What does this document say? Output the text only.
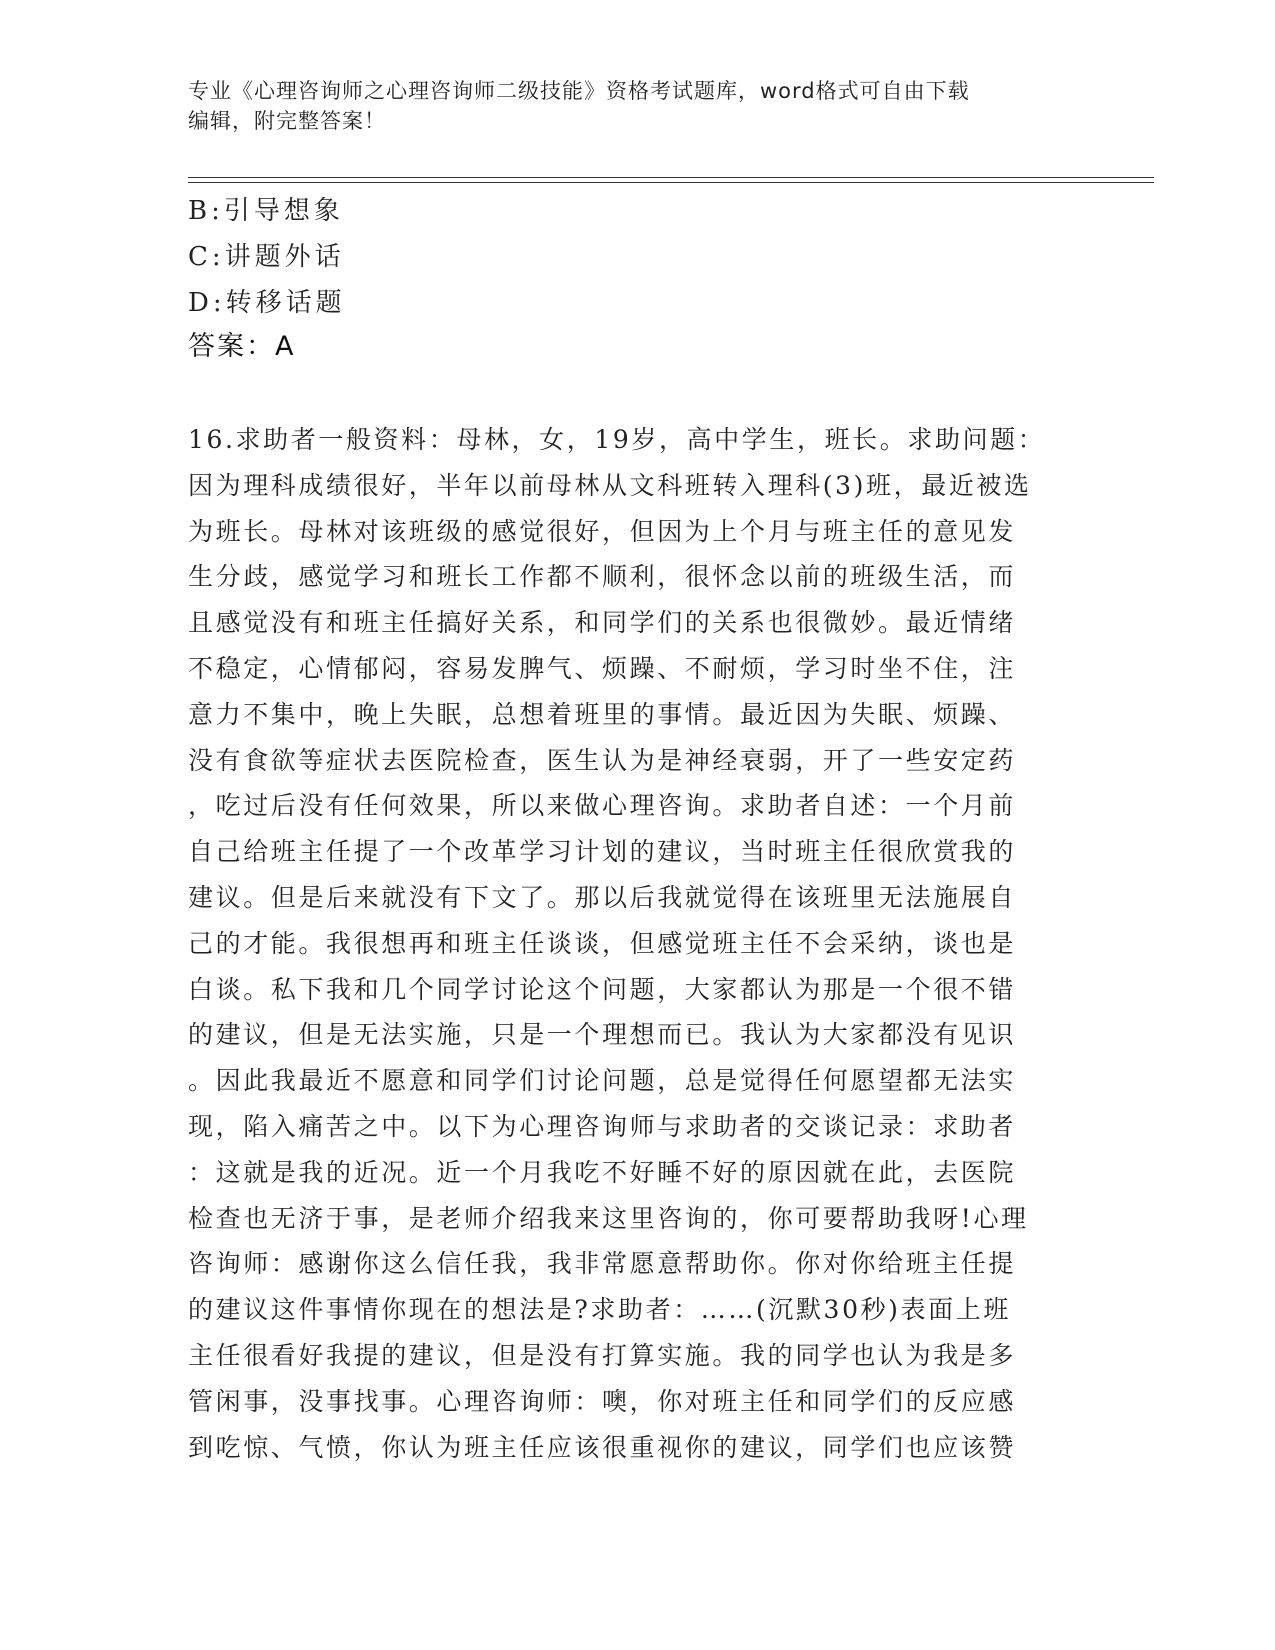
专业《心理咨询师之心理咨询师二级技能》资格考试题库，word格式可自由下载
编辑，附完整答案！
B:引导想象
C:讲题外话
D:转移话题
答案：A
16.求助者一般资料：母林，女，19岁，高中学生，班长。求助问题：
因为理科成绩很好，半年以前母林从文科班转入理科(3)班，最近被选
为班长。母林对该班级的感觉很好，但因为上个月与班主任的意见发
生分歧，感觉学习和班长工作都不顺利，很怀念以前的班级生活，而
且感觉没有和班主任搞好关系，和同学们的关系也很微妙。最近情绪
不稳定，心情郁闷，容易发脾气、烦躁、不耐烦，学习时坐不住，注
意力不集中，晚上失眠，总想着班里的事情。最近因为失眠、烦躁、
没有食欲等症状去医院检查，医生认为是神经衰弱，开了一些安定药
，吃过后没有任何效果，所以来做心理咨询。求助者自述：一个月前
自己给班主任提了一个改革学习计划的建议，当时班主任很欣赏我的
建议。但是后来就没有下文了。那以后我就觉得在该班里无法施展自
己的才能。我很想再和班主任谈谈，但感觉班主任不会采纳，谈也是
白谈。私下我和几个同学讨论这个问题，大家都认为那是一个很不错
的建议，但是无法实施，只是一个理想而已。我认为大家都没有见识
。因此我最近不愿意和同学们讨论问题，总是觉得任何愿望都无法实
现，陷入痛苦之中。以下为心理咨询师与求助者的交谈记录：求助者
：这就是我的近况。近一个月我吃不好睡不好的原因就在此，去医院
检查也无济于事，是老师介绍我来这里咨询的，你可要帮助我呀!心理
咨询师：感谢你这么信任我，我非常愿意帮助你。你对你给班主任提
的建议这件事情你现在的想法是?求助者：……(沉默30秒)表面上班
主任很看好我提的建议，但是没有打算实施。我的同学也认为我是多
管闲事，没事找事。心理咨询师：噢，你对班主任和同学们的反应感
到吃惊、气愤，你认为班主任应该很重视你的建议，同学们也应该赞
